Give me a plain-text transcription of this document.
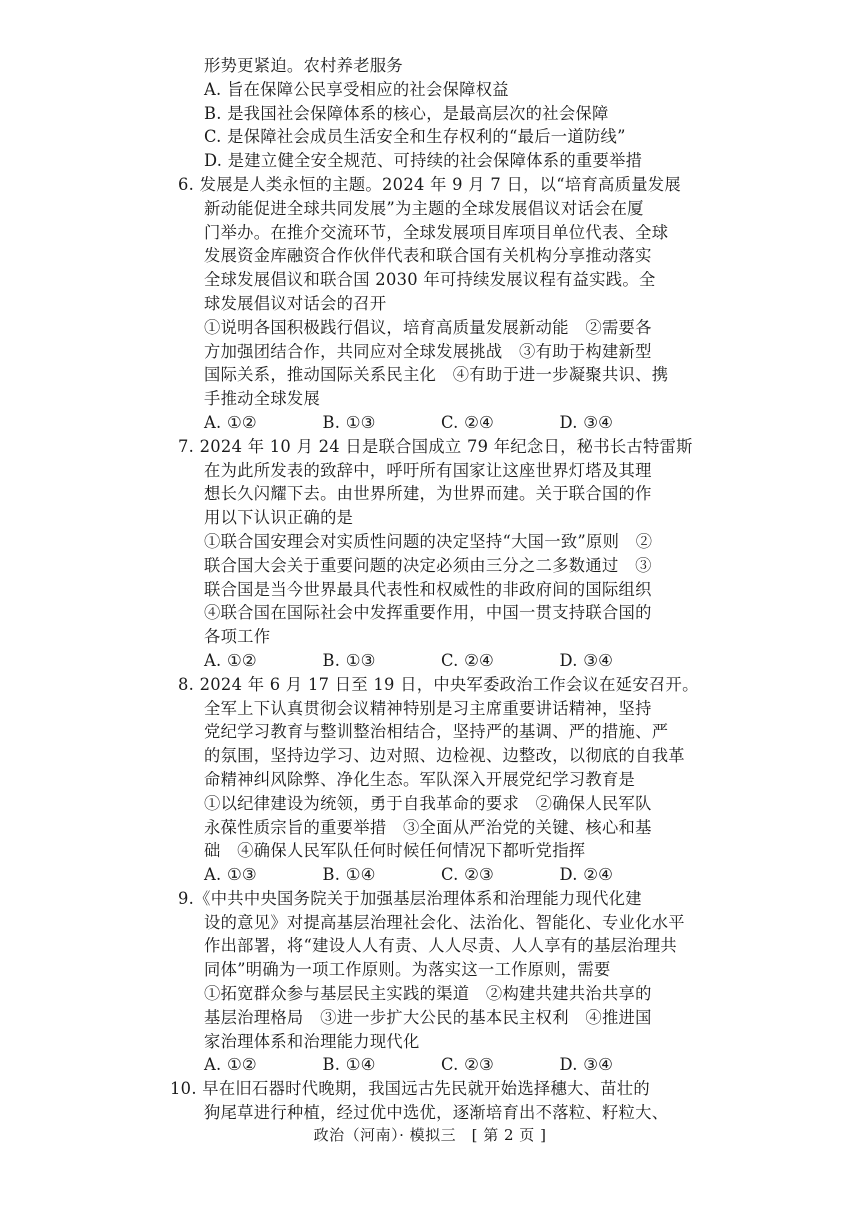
形势更紧迫。农村养老服务
A. 旨在保障公民享受相应的社会保障权益
B. 是我国社会保障体系的核心，是最高层次的社会保障
C. 是保障社会成员生活安全和生存权利的“最后一道防线”
D. 是建立健全安全规范、可持续的社会保障体系的重要举措
6. 发展是人类永恒的主题。2024 年 9 月 7 日，以“培育高质量发展
新动能促进全球共同发展”为主题的全球发展倡议对话会在厦
门举办。在推介交流环节，全球发展项目库项目单位代表、全球
发展资金库融资合作伙伴代表和联合国有关机构分享推动落实
全球发展倡议和联合国 2030 年可持续发展议程有益实践。全
球发展倡议对话会的召开
①说明各国积极践行倡议，培育高质量发展新动能　②需要各
方加强团结合作，共同应对全球发展挑战　③有助于构建新型
国际关系，推动国际关系民主化　④有助于进一步凝聚共识、携
手推动全球发展
A. ①②	B. ①③	C. ②④	D. ③④
7. 2024 年 10 月 24 日是联合国成立 79 年纪念日，秘书长古特雷斯
在为此所发表的致辞中，呼吁所有国家让这座世界灯塔及其理
想长久闪耀下去。由世界所建，为世界而建。关于联合国的作
用以下认识正确的是
①联合国安理会对实质性问题的决定坚持“大国一致”原则　②
联合国大会关于重要问题的决定必须由三分之二多数通过　③
联合国是当今世界最具代表性和权威性的非政府间的国际组织
④联合国在国际社会中发挥重要作用，中国一贯支持联合国的
各项工作
A. ①②	B. ①③	C. ②④	D. ③④
8. 2024 年 6 月 17 日至 19 日，中央军委政治工作会议在延安召开。
全军上下认真贯彻会议精神特别是习主席重要讲话精神，坚持
党纪学习教育与整训整治相结合，坚持严的基调、严的措施、严
的氛围，坚持边学习、边对照、边检视、边整改，以彻底的自我革
命精神纠风除弊、净化生态。军队深入开展党纪学习教育是
①以纪律建设为统领，勇于自我革命的要求　②确保人民军队
永葆性质宗旨的重要举措　③全面从严治党的关键、核心和基
础　④确保人民军队任何时候任何情况下都听党指挥
A. ①③	B. ①④	C. ②③	D. ②④
9.《中共中央国务院关于加强基层治理体系和治理能力现代化建
设的意见》对提高基层治理社会化、法治化、智能化、专业化水平
作出部署，将“建设人人有责、人人尽责、人人享有的基层治理共
同体”明确为一项工作原则。为落实这一工作原则，需要
①拓宽群众参与基层民主实践的渠道　②构建共建共治共享的
基层治理格局　③进一步扩大公民的基本民主权利　④推进国
家治理体系和治理能力现代化
A. ①②	B. ①④	C. ②③	D. ③④
10. 早在旧石器时代晚期，我国远古先民就开始选择穗大、苗壮的
狗尾草进行种植，经过优中选优，逐渐培育出不落粒、籽粒大、
政治（河南）· 模拟三　[ 第 2 页 ]
